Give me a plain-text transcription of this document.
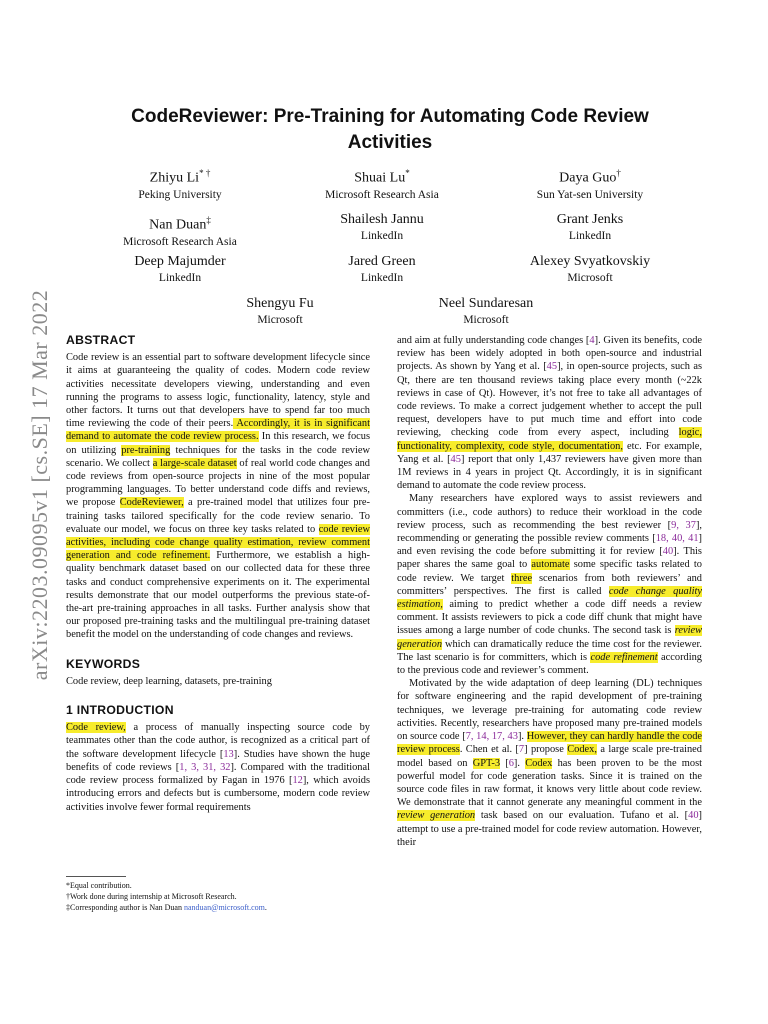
arXiv:2203.09095v1 [cs.SE] 17 Mar 2022
CodeReviewer: Pre-Training for Automating Code Review Activities
Zhiyu Li* †
Peking University
Shuai Lu*
Microsoft Research Asia
Daya Guo†
Sun Yat-sen University
Nan Duan‡
Microsoft Research Asia
Shailesh Jannu
LinkedIn
Grant Jenks
LinkedIn
Deep Majumder
LinkedIn
Jared Green
LinkedIn
Alexey Svyatkovskiy
Microsoft
Shengyu Fu
Microsoft
Neel Sundaresan
Microsoft
ABSTRACT

Code review is an essential part to software development lifecycle since it aims at guaranteeing the quality of codes. Modern code review activities necessitate developers viewing, understanding and even running the programs to assess logic, functionality, latency, style and other factors. It turns out that developers have to spend far too much time reviewing the code of their peers. Accordingly, it is in significant demand to automate the code review process. In this research, we focus on utilizing pre-training techniques for the tasks in the code review scenario. We collect a large-scale dataset of real world code changes and code reviews from open-source projects in nine of the most popular programming languages. To better understand code diffs and reviews, we propose CodeReviewer, a pre-trained model that utilizes four pre-training tasks tailored specifically for the code review senario. To evaluate our model, we focus on three key tasks related to code review activities, including code change quality estimation, review comment generation and code refinement. Furthermore, we establish a high-quality benchmark dataset based on our collected data for these three tasks and conduct comprehensive experiments on it. The experimental results demonstrate that our model outperforms the previous state-of-the-art pre-training approaches in all tasks. Further analysis show that our proposed pre-training tasks and the multilingual pre-training dataset benefit the model on the understanding of code changes and reviews.

KEYWORDS

Code review, deep learning, datasets, pre-training

1 INTRODUCTION

Code review, a process of manually inspecting source code by teammates other than the code author, is recognized as a critical part of the software development lifecycle [13]. Studies have shown the huge benefits of code reviews [1, 3, 31, 32]. Compared with the traditional code review process formalized by Fagan in 1976 [12], which avoids introducing errors and defects but is cumbersome, modern code review activities involve fewer formal requirements

*Equal contribution.
†Work done during internship at Microsoft Research.
‡Corresponding author is Nan Duan nanduan@microsoft.com.

and aim at fully understanding code changes [4]. Given its benefits, code review has been widely adopted in both open-source and industrial projects. As shown by Yang et al. [45], in open-source projects, such as Qt, there are ten thousand reviews taking place every month (~22k reviews in case of Qt). However, it’s not free to take all advantages of code reviews. To make a correct judgement whether to accept the pull request, developers have to put much time and effort into code reviewing, checking code from every aspect, including logic, functionality, complexity, code style, documentation, etc. For example, Yang et al. [45] report that only 1,437 reviewers have given more than 1M reviews in 4 years in project Qt. Accordingly, it is in significant demand to automate the code review process.

Many researchers have explored ways to assist reviewers and committers (i.e., code authors) to reduce their workload in the code review process, such as recommending the best reviewer [9, 37], recommending or generating the possible review comments [18, 40, 41] and even revising the code before submitting it for review [40]. This paper shares the same goal to automate some specific tasks related to code review. We target three scenarios from both reviewers’ and committers’ perspectives. The first is called code change quality estimation, aiming to predict whether a code diff needs a review comment. It assists reviewers to pick a code diff chunk that might have issues among a large number of code chunks. The second task is review generation which can dramatically reduce the time cost for the reviewer. The last scenario is for committers, which is code refinement according to the previous code and reviewer’s comment.

Motivated by the wide adaptation of deep learning (DL) techniques for software engineering and the rapid development of pre-training techniques, we leverage pre-training for automating code review activities. Recently, researchers have proposed many pre-trained models on source code [7, 14, 17, 43]. However, they can hardly handle the code review process. Chen et al. [7] propose Codex, a large scale pre-trained model based on GPT-3 [6]. Codex has been proven to be the most powerful model for code generation tasks. Since it is trained on the source code files in raw format, it knows very little about code review. We demonstrate that it cannot generate any meaningful comment in the review generation task based on our evaluation. Tufano et al. [40] attempt to use a pre-trained model for code review automation. However, their
